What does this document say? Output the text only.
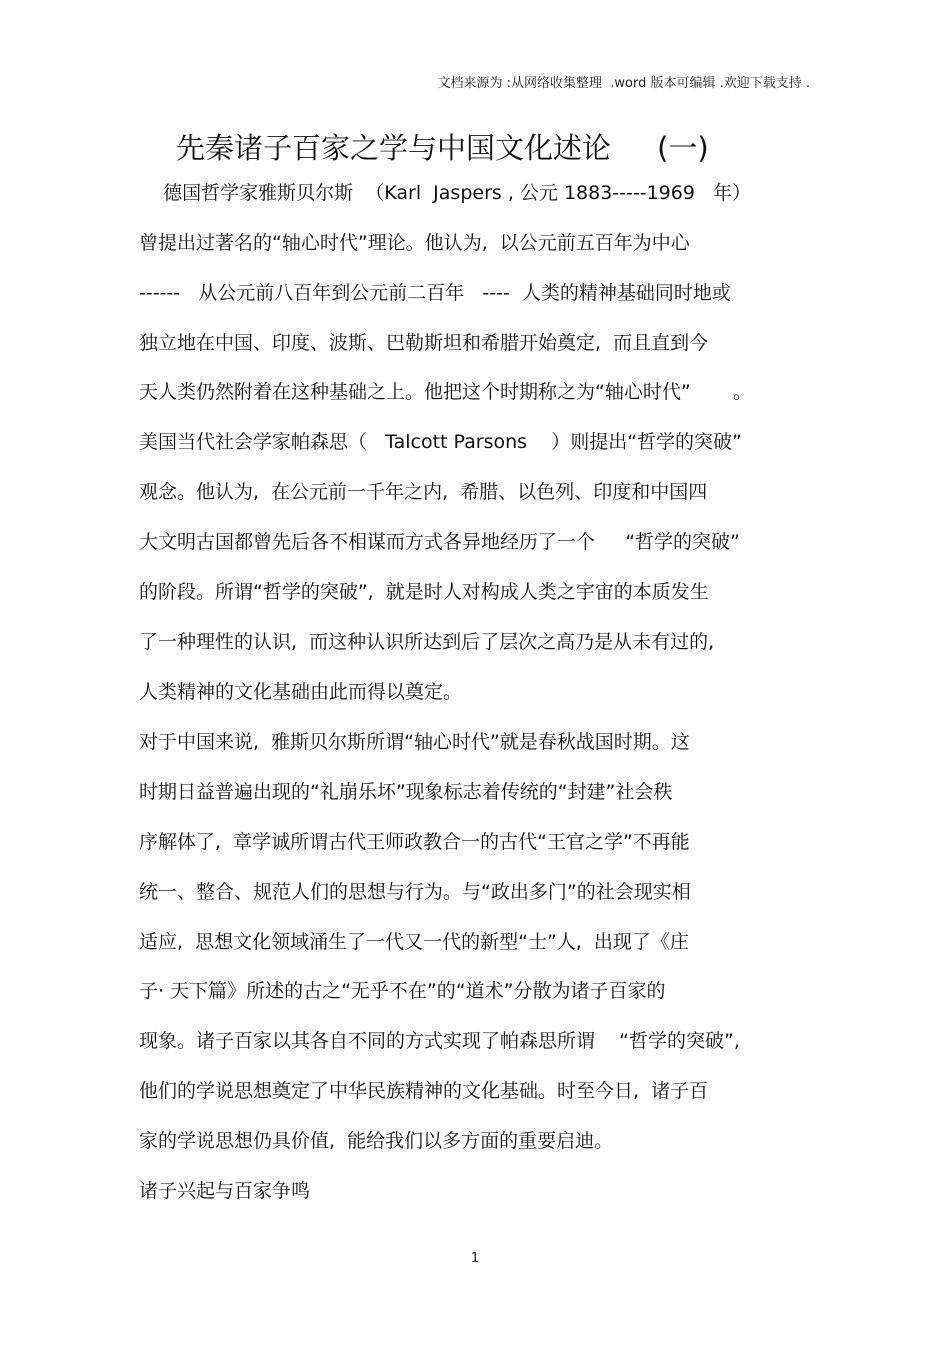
文档来源为 :从网络收集整理  .word 版本可编辑 .欢迎下载支持 .
先秦诸子百家之学与中国文化述论     (一)
德国哲学家雅斯贝尔斯  （Karl  Jaspers , 公元 1883-----1969   年）
曾提出过著名的“轴心时代”理论。他认为,  以公元前五百年为中心
------   从公元前八百年到公元前二百年   ----  人类的精神基础同时地或
独立地在中国、印度、波斯、巴勒斯坦和希腊开始奠定,  而且直到今
天人类仍然附着在这种基础之上。他把这个时期称之为“轴心时代”       。
美国当代社会学家帕森思（   Talcott Parsons    ）则提出“哲学的突破”
观念。他认为,  在公元前一千年之内,  希腊、以色列、印度和中国四
大文明古国都曾先后各不相谋而方式各异地经历了一个     “哲学的突破”
的阶段。所谓“哲学的突破”,  就是时人对构成人类之宇宙的本质发生
了一种理性的认识,  而这种认识所达到后了层次之高乃是从未有过的,
人类精神的文化基础由此而得以奠定。
对于中国来说,  雅斯贝尔斯所谓“轴心时代”就是春秋战国时期。这
时期日益普遍出现的“礼崩乐坏”现象标志着传统的“封建”社会秩
序解体了,  章学诚所谓古代王师政教合一的古代“王官之学”不再能
统一、整合、规范人们的思想与行为。与“政出多门”的社会现实相
适应,  思想文化领域涌生了一代又一代的新型“士”人,  出现了《庄
子· 天下篇》所述的古之“无乎不在”的“道术”分散为诸子百家的
现象。诸子百家以其各自不同的方式实现了帕森思所谓    “哲学的突破”,
他们的学说思想奠定了中华民族精神的文化基础。时至今日,  诸子百
家的学说思想仍具价值,  能给我们以多方面的重要启迪。
诸子兴起与百家争鸣
1
